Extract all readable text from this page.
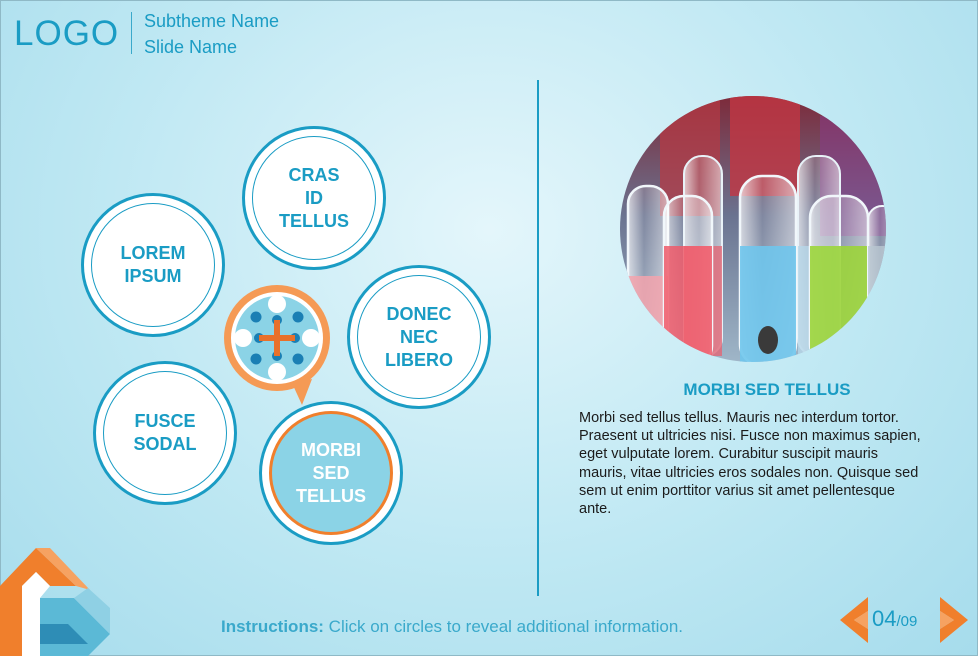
LOGO Subtheme Name
Slide Name
CRAS
ID
TELLUS
LOREM
IPSUM
DONEC
NEC
LIBERO
FUSCE
SODAL	MORBI
SED
TELLUS
MORBI SED TELLUS
Morbi sed tellus tellus. Mauris nec interdum tortor. Praesent ut ultricies nisi. Fusce non maximus sapien, eget vulputate lorem. Curabitur suscipit mauris mauris, vitae ultricies eros sodales non. Quisque sed sem ut enim porttitor varius sit amet pellentesque ante.
Instructions: Click on circles to reveal additional information.	04/09
